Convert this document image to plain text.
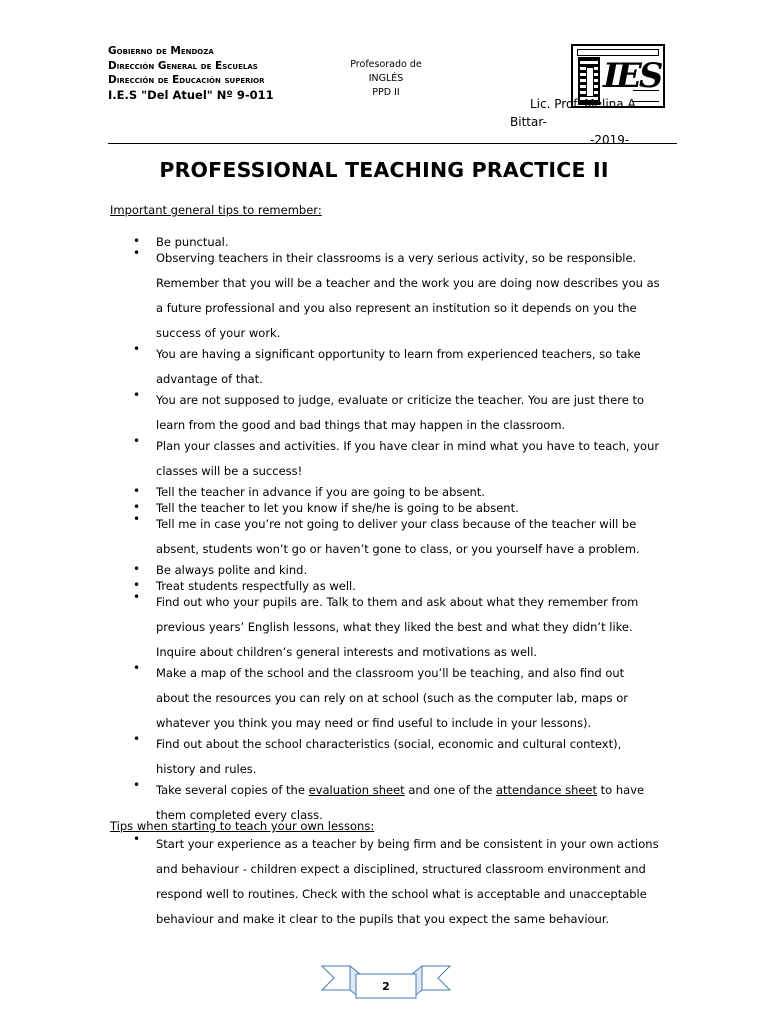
Gobierno de Mendoza
Dirección General de Escuelas
Dirección de Educación superior
I.E.S "Del Atuel" Nº 9-011
Profesorado de
INGLÉS
PPD II	IES
Lic. Prof. Melina A.
Bittar-
-2019-
PROFESSIONAL TEACHING PRACTICE II
Important general tips to remember:
• Be punctual.
• Observing teachers in their classrooms is a very serious activity, so be responsible.
Remember that you will be a teacher and the work you are doing now describes you as
a future professional and you also represent an institution so it depends on you the
success of your work.
• You are having a significant opportunity to learn from experienced teachers, so take
advantage of that.
• You are not supposed to judge, evaluate or criticize the teacher. You are just there to
learn from the good and bad things that may happen in the classroom.
• Plan your classes and activities. If you have clear in mind what you have to teach, your
classes will be a success!
• Tell the teacher in advance if you are going to be absent.
• Tell the teacher to let you know if she/he is going to be absent.
• Tell me in case you’re not going to deliver your class because of the teacher will be
absent, students won’t go or haven’t gone to class, or you yourself have a problem.
• Be always polite and kind.
• Treat students respectfully as well.
• Find out who your pupils are. Talk to them and ask about what they remember from
previous years’ English lessons, what they liked the best and what they didn’t like.
Inquire about children’s general interests and motivations as well.
• Make a map of the school and the classroom you’ll be teaching, and also find out
about the resources you can rely on at school (such as the computer lab, maps or
whatever you think you may need or find useful to include in your lessons).
• Find out about the school characteristics (social, economic and cultural context),
history and rules.
• Take several copies of the evaluation sheet and one of the attendance sheet to have
them completed every class.
Tips when starting to teach your own lessons:
• Start your experience as a teacher by being firm and be consistent in your own actions
and behaviour - children expect a disciplined, structured classroom environment and
respond well to routines. Check with the school what is acceptable and unacceptable
behaviour and make it clear to the pupils that you expect the same behaviour.
2
